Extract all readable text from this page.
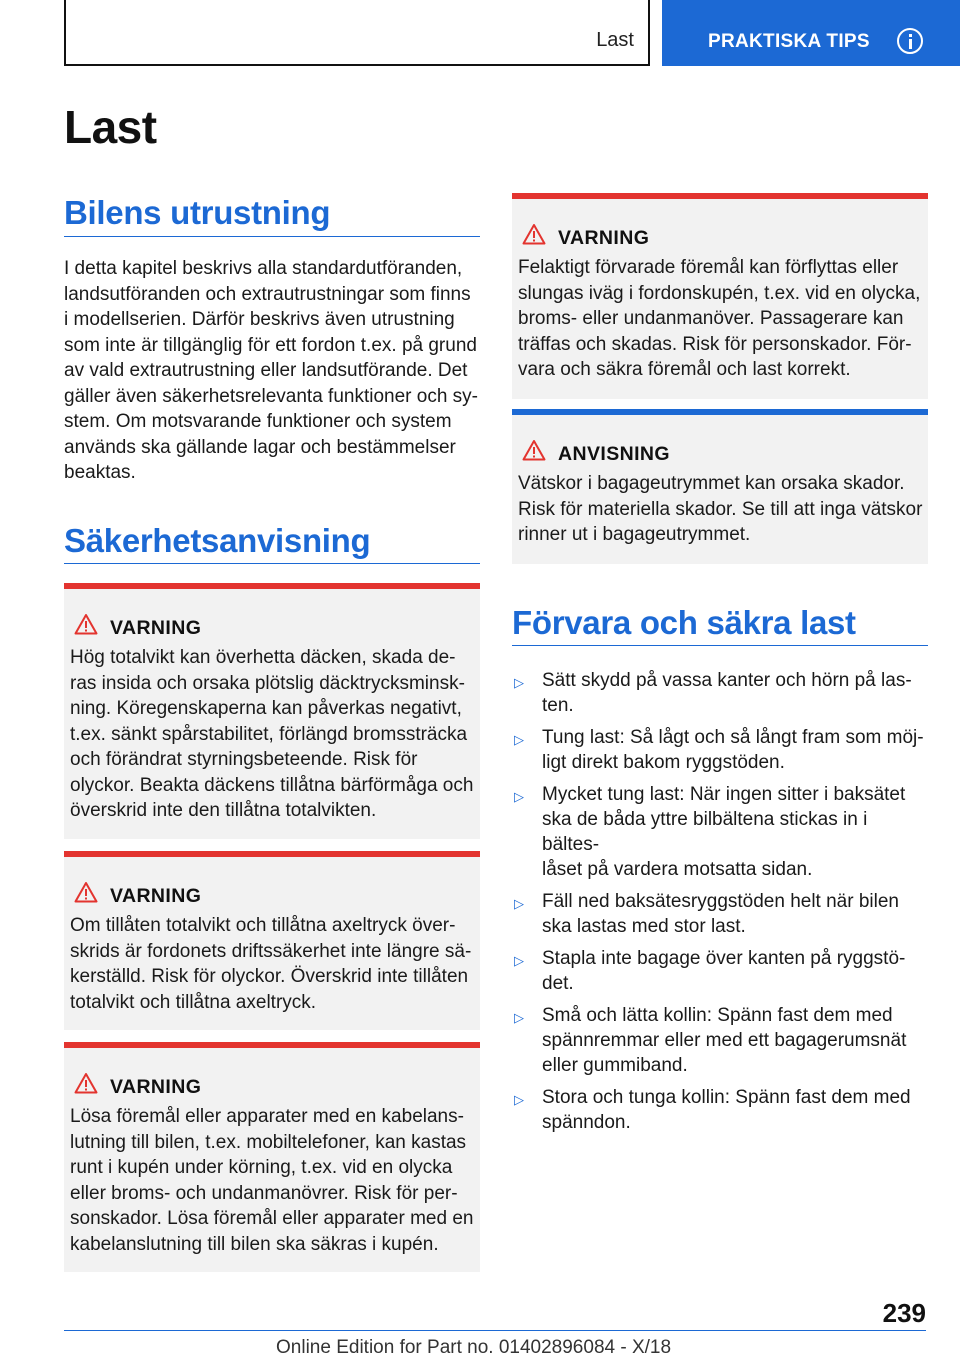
Last	PRAKTISKA TIPS
Last
Bilens utrustning
I detta kapitel beskrivs alla standardutföranden,
landsutföranden och extrautrustningar som finns
i modellserien. Därför beskrivs även utrustning
som inte är tillgänglig för ett fordon t.ex. på grund
av vald extrautrustning eller landsutförande. Det
gäller även säkerhetsrelevanta funktioner och sy-
stem. Om motsvarande funktioner och system
används ska gällande lagar och bestämmelser
beaktas.
Säkerhetsanvisning
VARNING
Hög totalvikt kan överhetta däcken, skada de-
ras insida och orsaka plötslig däcktrycksminsk-
ning. Köregenskaperna kan påverkas negativt,
t.ex. sänkt spårstabilitet, förlängd bromssträcka
och förändrat styrningsbeteende. Risk för
olyckor. Beakta däckens tillåtna bärförmåga och
överskrid inte den tillåtna totalvikten.
VARNING
Om tillåten totalvikt och tillåtna axeltryck över-
skrids är fordonets driftssäkerhet inte längre sä-
kerställd. Risk för olyckor. Överskrid inte tillåten
totalvikt och tillåtna axeltryck.
VARNING
Lösa föremål eller apparater med en kabelans-
lutning till bilen, t.ex. mobiltelefoner, kan kastas
runt i kupén under körning, t.ex. vid en olycka
eller broms- och undanmanövrer. Risk för per-
sonskador. Lösa föremål eller apparater med en
kabelanslutning till bilen ska säkras i kupén.
VARNING
Felaktigt förvarade föremål kan förflyttas eller
slungas iväg i fordonskupén, t.ex. vid en olycka,
broms- eller undanmanöver. Passagerare kan
träffas och skadas. Risk för personskador. För-
vara och säkra föremål och last korrekt.
ANVISNING
Vätskor i bagageutrymmet kan orsaka skador.
Risk för materiella skador. Se till att inga vätskor
rinner ut i bagageutrymmet.
Förvara och säkra last
▷ Sätt skydd på vassa kanter och hörn på las-
ten.
▷ Tung last: Så lågt och så långt fram som möj-
ligt direkt bakom ryggstöden.
▷ Mycket tung last: När ingen sitter i baksätet
ska de båda yttre bilbältena stickas in i bältes-
låset på vardera motsatta sidan.
▷ Fäll ned baksätesryggstöden helt när bilen
ska lastas med stor last.
▷ Stapla inte bagage över kanten på ryggstö-
det.
▷ Små och lätta kollin: Spänn fast dem med
spännremmar eller med ett bagagerumsnät
eller gummiband.
▷ Stora och tunga kollin: Spänn fast dem med
spänndon.
239
Online Edition for Part no. 01402896084 - X/18
